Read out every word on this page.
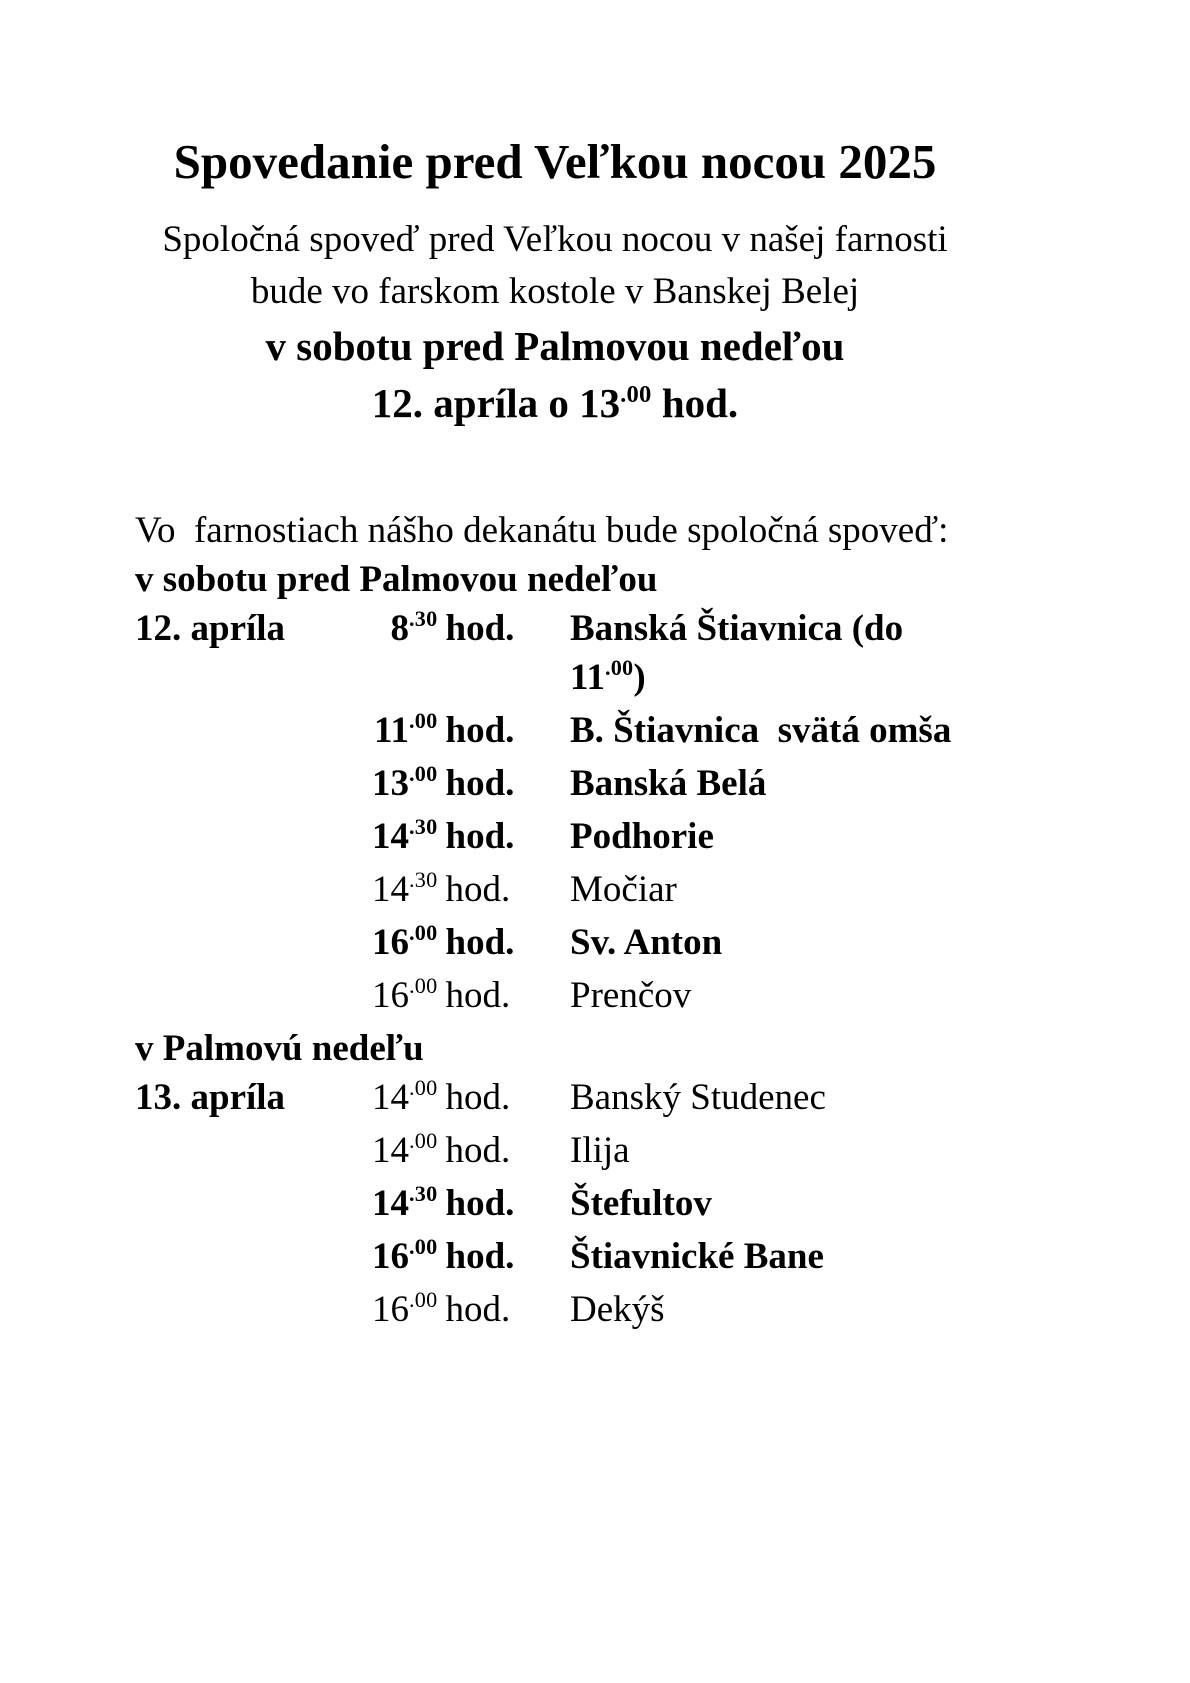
Spovedanie pred Veľkou nocou 2025
Spoločná spoveď pred Veľkou nocou v našej farnosti
bude vo farskom kostole v Banskej Belej
v sobotu pred Palmovou nedeľou
12. apríla o $13^{.00}$ hod.
Vo  farnostiach nášho dekanátu bude spoločná spoveď:
v sobotu pred Palmovou nedeľou
12. apríla	$8^{.30}$ hod.	Banská Štiavnica (do $11^{.00}$)
$11^{.00}$ hod.	B. Štiavnica  svätá omša
$13^{.00}$ hod.	Banská Belá
$14^{.30}$ hod.	Podhorie
$14^{.30}$ hod.	Močiar
$16^{.00}$ hod.	Sv. Anton
$16^{.00}$ hod.	Prenčov
v Palmovú nedeľu
13. apríla	$14^{.00}$ hod.	Banský Studenec
$14^{.00}$ hod.	Ilija
$14^{.30}$ hod.	Štefultov
$16^{.00}$ hod.	Štiavnické Bane
$16^{.00}$ hod.	Dekýš
